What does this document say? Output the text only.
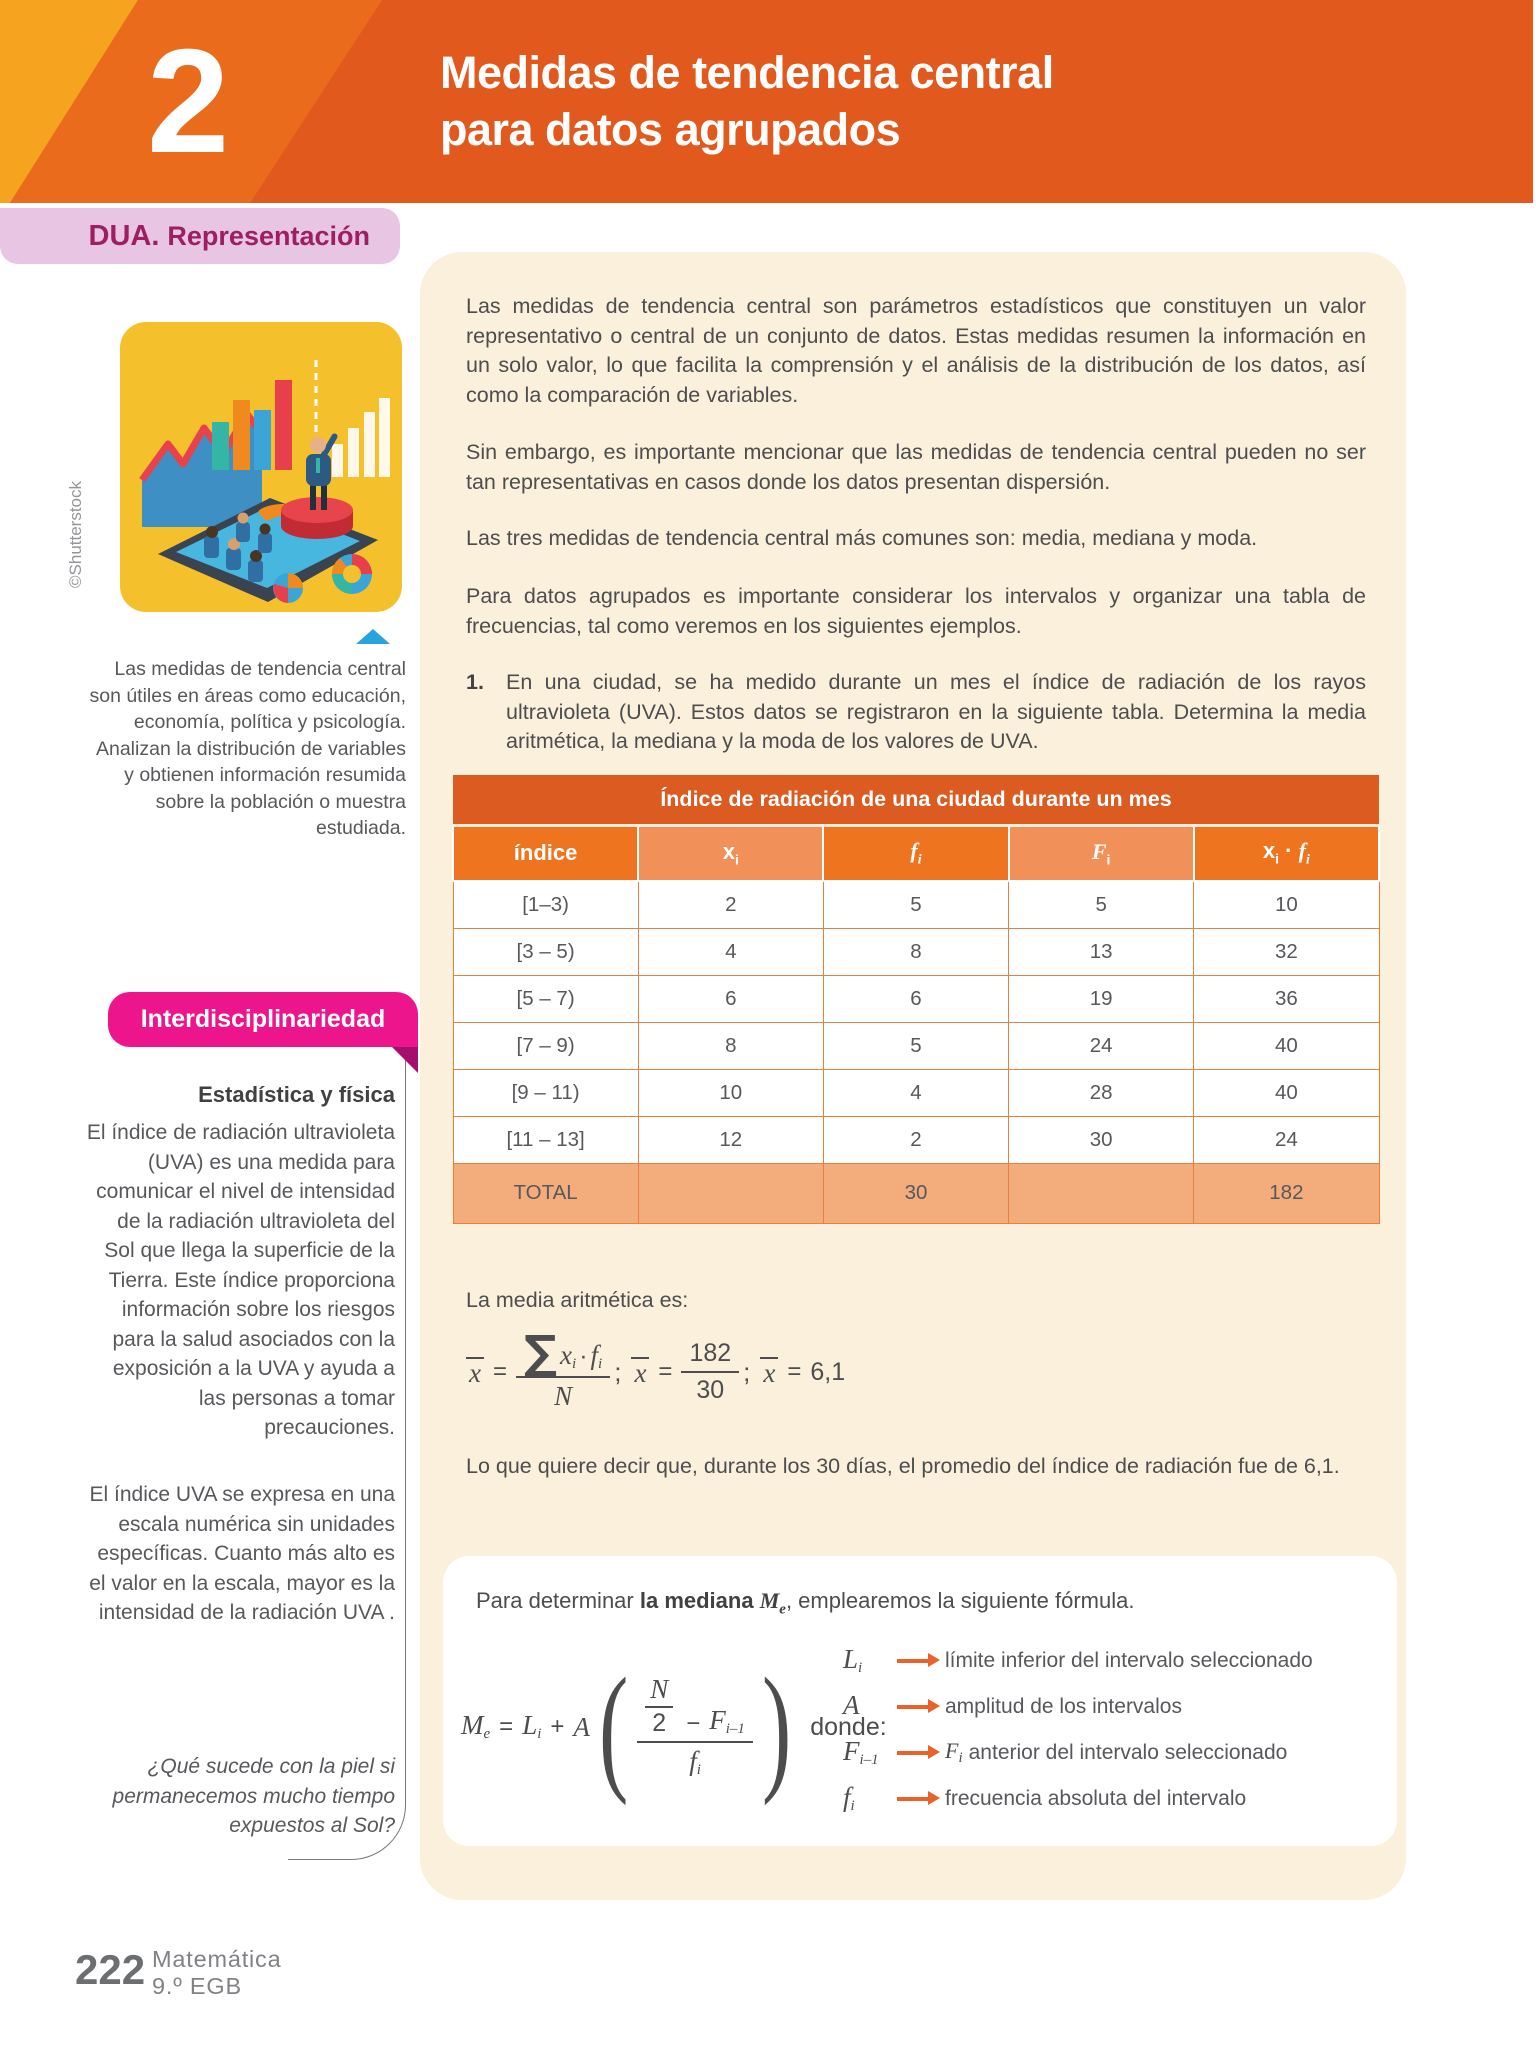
2	Medidas de tendencia central
para datos agrupados
DUA. Representación
©Shutterstock
Las medidas de tendencia central son útiles en áreas como educación, economía, política y psicología. Analizan la distribución de variables y obtienen información resumida sobre la población o muestra estudiada.
Interdisciplinariedad
Estadística y física
El índice de radiación ultravioleta (UVA) es una medida para comunicar el nivel de intensidad de la radiación ultravioleta del Sol que llega la superficie de la Tierra. Este índice proporciona información sobre los riesgos para la salud asociados con la exposición a la UVA y ayuda a las personas a tomar precauciones.
El índice UVA se expresa en una escala numérica sin unidades específicas. Cuanto más alto es el valor en la escala, mayor es la intensidad de la radiación UVA .
¿Qué sucede con la piel si permanecemos mucho tiempo expuestos al Sol?

Las medidas de tendencia central son parámetros estadísticos que constituyen un valor representativo o central de un conjunto de datos. Estas medidas resumen la información en un solo valor, lo que facilita la comprensión y el análisis de la distribución de los datos, así como la comparación de variables.

Sin embargo, es importante mencionar que las medidas de tendencia central pueden no ser tan representativas en casos donde los datos presentan dispersión.

Las tres medidas de tendencia central más comunes son: media, mediana y moda.

Para datos agrupados es importante considerar los intervalos y organizar una tabla de frecuencias, tal como veremos en los siguientes ejemplos.

1.	En una ciudad, se ha medido durante un mes el índice de radiación de los rayos ultravioleta (UVA). Estos datos se registraron en la siguiente tabla. Determina la media aritmética, la mediana y la moda de los valores de UVA.
Índice de radiación de una ciudad durante un mes				
índice	$x_i$	$f_i$	$F_i$	$x_i \cdot f_i$
[1–3)	2	5	5	10
[3 – 5)	4	8	13	32
[5 – 7)	6	6	19	36
[7 – 9)	8	5	24	40
[9 – 11)	10	4	28	40
[11 – 13]	12	2	30	24
TOTAL		30		182
La media aritmética es:
$x = \frac{\sum x_i \cdot f_i}{N}$ ; $x = \frac{182}{30}$ ; x = 6,1

Lo que quiere decir que, durante los 30 días, el promedio del índice de radiación fue de 6,1.

Para determinar la mediana $M_e$, emplearemos la siguiente fórmula.
$M_e = L_i + A$ ( N
$2 - F_{i-1}$
$f_i$ ) donde:
$L_i$	límite inferior del intervalo seleccionado
A	amplitud de los intervalos
$F_{i-1}$	$F_i$ anterior del intervalo seleccionado
$f_i$	frecuencia absoluta del intervalo
222 Matemática
9.º EGB
